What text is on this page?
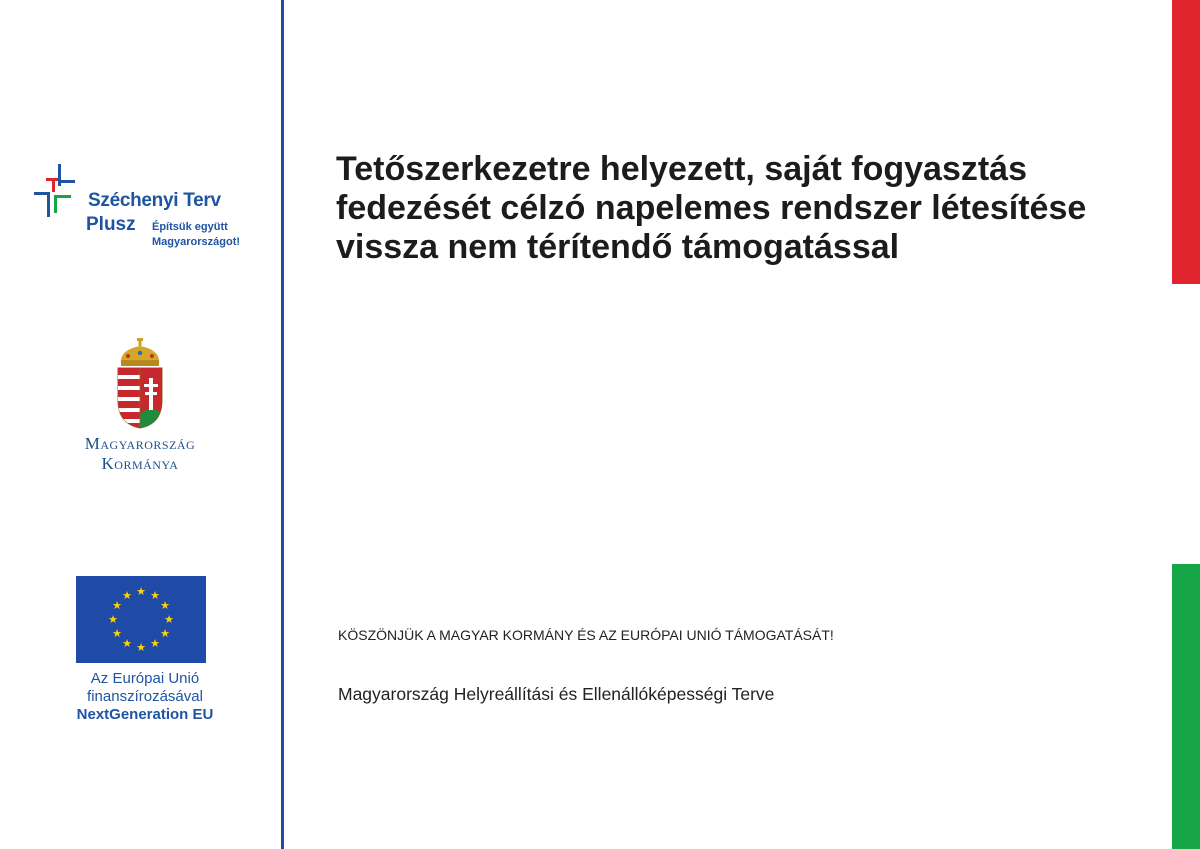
Széchenyi Terv
Plusz Építsük együtt
Magyarországot!
Magyarország
Kormánya
★ ★
★
★
★
★
★
★
★
★
★
★
Az Európai Unió
finanszírozásával
NextGeneration EU
Tetőszerkezetre helyezett, saját fogyasztás fedezését célzó napelemes rendszer létesítése vissza nem térítendő támogatással
KÖSZÖNJÜK A MAGYAR KORMÁNY ÉS AZ EURÓPAI UNIÓ TÁMOGATÁSÁT!
Magyarország Helyreállítási és Ellenállóképességi Terve
